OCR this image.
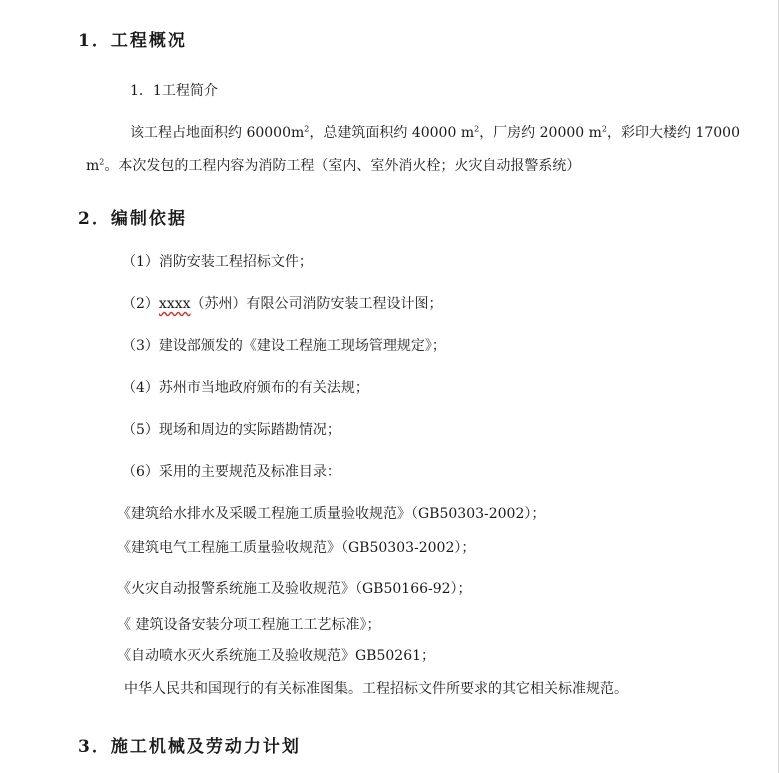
1．工程概况
1．1工程简介
该工程占地面积约 $60000m^2$，总建筑面积约 40000 $m^2$，厂房约 20000 $m^2$，彩印大楼约 17000
$m^2$。本次发包的工程内容为消防工程（室内、室外消火栓；火灾自动报警系统）
2．编制依据
（1）消防安装工程招标文件；
（2）xxxx（苏州）有限公司消防安装工程设计图；
（3）建设部颁发的《建设工程施工现场管理规定》；
（4）苏州市当地政府颁布的有关法规；
（5）现场和周边的实际踏勘情况；
（6）采用的主要规范及标准目录：
《建筑给水排水及采暖工程施工质量验收规范》（GB50303-2002）；
《建筑电气工程施工质量验收规范》（GB50303-2002）；
《火灾自动报警系统施工及验收规范》（GB50166-92）；
《 建筑设备安装分项工程施工工艺标准》；
《自动喷水灭火系统施工及验收规范》GB50261；
中华人民共和国现行的有关标准图集。工程招标文件所要求的其它相关标准规范。
3．施工机械及劳动力计划
